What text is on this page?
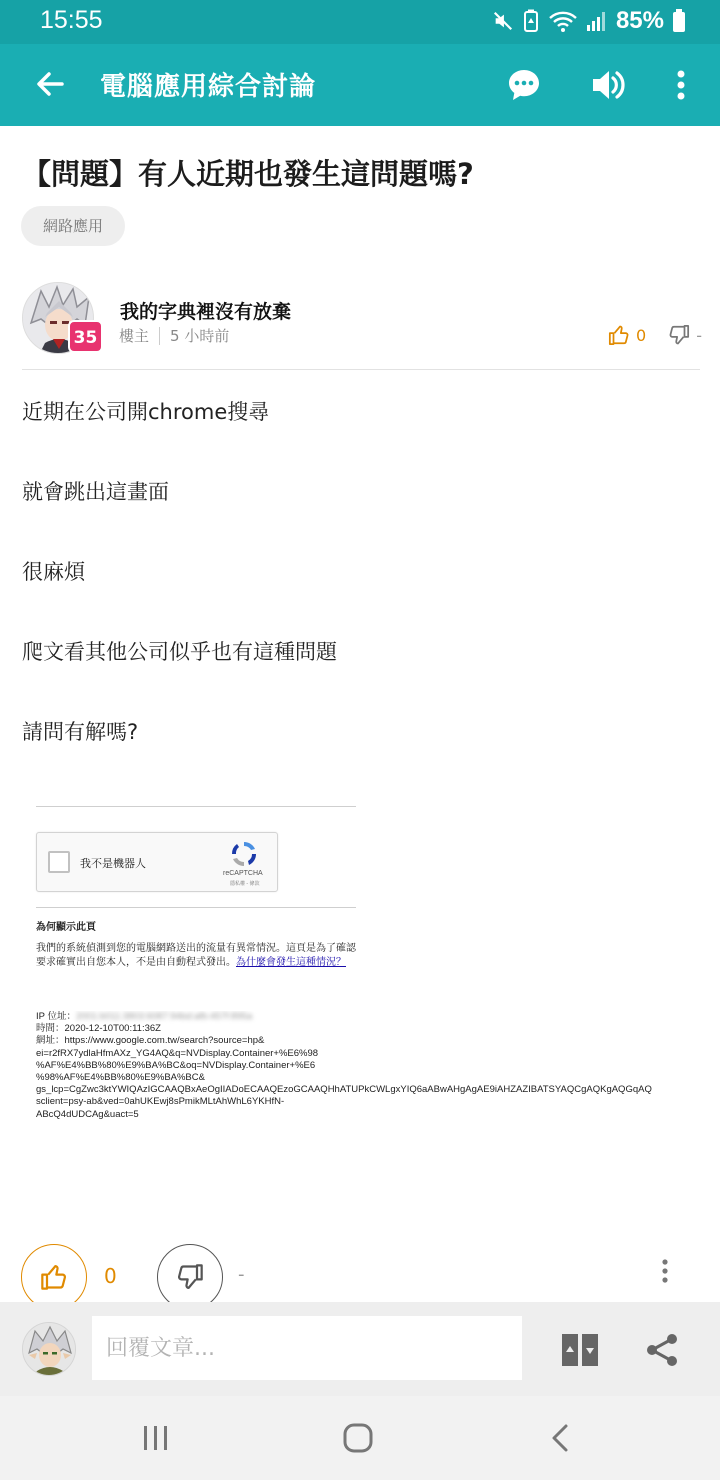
15:55	85%
電腦應用綜合討論
【問題】有人近期也發生這問題嗎?
網路應用
35
我的字典裡沒有放棄
樓主 5 小時前	0	-
近期在公司開chrome搜尋
就會跳出這畫面
很麻煩
爬文看其他公司似乎也有這種問題
請問有解嗎?
我不是機器人
reCAPTCHA
隱私權 - 條款
為何顯示此頁
我們的系統偵測到您的電腦網路送出的流量有異常情況。這頁是為了確認要求確實出自您本人，不是由自動程式發出。為什麼會發生這種情況？
IP 位址：2001:b011:3803:6087:94bd:afb:457f:895a
時間：2020-12-10T00:11:36Z
網址：https://www.google.com.tw/search?source=hp&
ei=r2fRX7ydlaHfmAXz_YG4AQ&q=NVDisplay.Container+%E6%98
%AF%E4%BB%80%E9%BA%BC&oq=NVDisplay.Container+%E6
%98%AF%E4%BB%80%E9%BA%BC&
gs_lcp=CgZwc3ktYWIQAzIGCAAQBxAeOgIIADoECAAQEzoGCAAQHhATUPkCWLgxYIQ6aABwAHgAgAE9iAHZAZIBATSYAQCgAQKgAQGqAQ
sclient=psy-ab&ved=0ahUKEwj8sPmikMLtAhWhL6YKHfN-
ABcQ4dUDCAg&uact=5
0	-
回覆文章...
